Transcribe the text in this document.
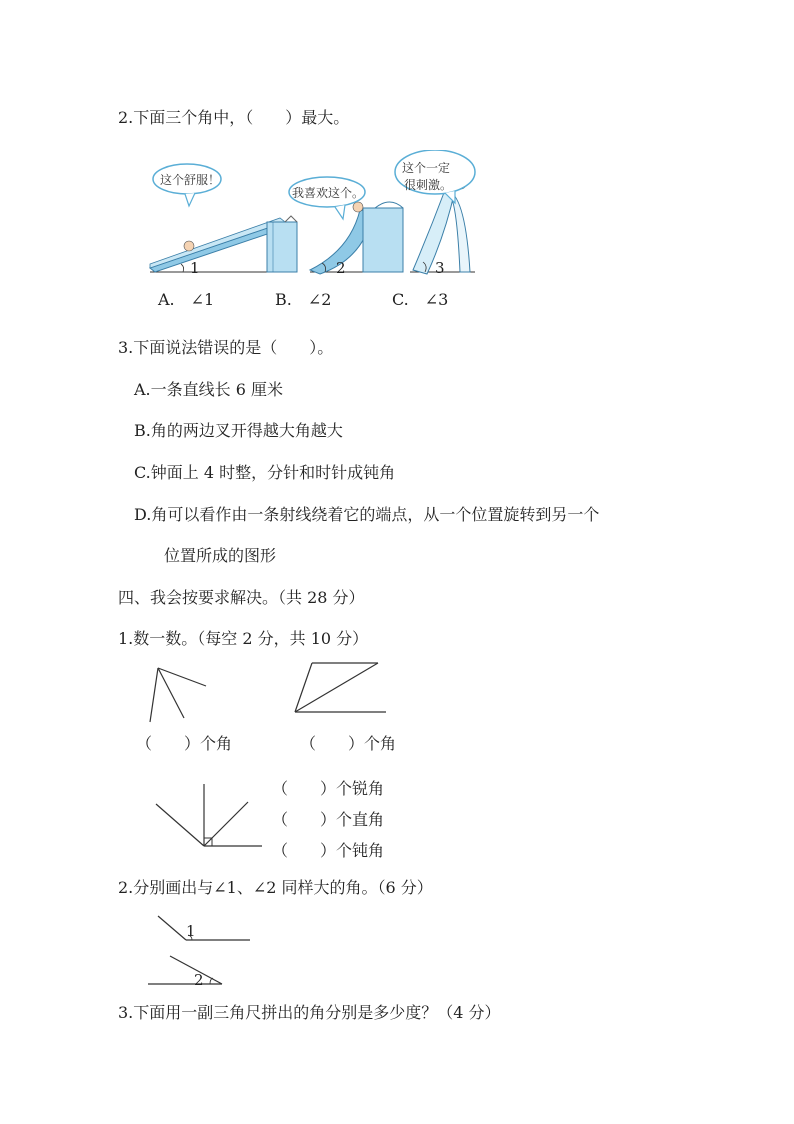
2.下面三个角中，（　　）最大。
这个舒服！
我喜欢这个。
这个一定
很刺激。
1	2	3
A.　∠1	B.　∠2	C.　∠3
3.下面说法错误的是（　　）。
A.一条直线长 6 厘米
B.角的两边叉开得越大角越大
C.钟面上 4 时整，分针和时针成钝角
D.角可以看作由一条射线绕着它的端点，从一个位置旋转到另一个
位置所成的图形
四、我会按要求解决。（共 28 分）
1.数一数。（每空 2 分，共 10 分）
（　　）个角	（　　）个角
（　　）个锐角
（　　）个直角
（　　）个钝角
2.分别画出与∠1、∠2 同样大的角。（6 分）
1
2
3.下面用一副三角尺拼出的角分别是多少度？（4 分）
